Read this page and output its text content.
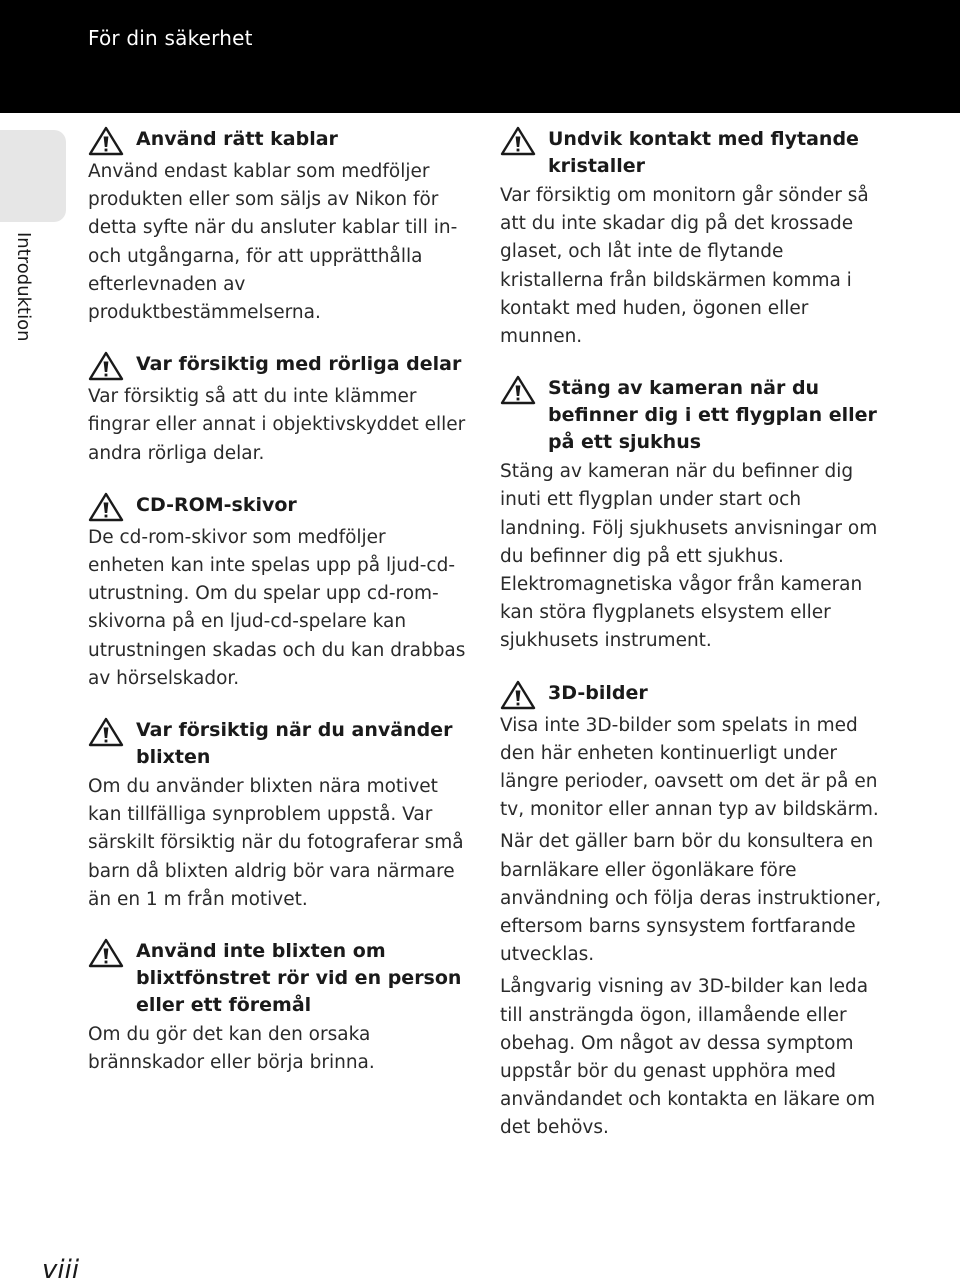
För din säkerhet
Introduktion
Använd rätt kablar

Använd endast kablar som medföljer produkten eller som säljs av Nikon för detta syfte när du ansluter kablar till in- och utgångarna, för att upprätthålla efterlevnaden av produktbestämmelserna.

Var försiktig med rörliga delar

Var försiktig så att du inte klämmer fingrar eller annat i objektivskyddet eller andra rörliga delar.

CD-ROM-skivor

De cd-rom-skivor som medföljer enheten kan inte spelas upp på ljud-cd-utrustning. Om du spelar upp cd-rom-skivorna på en ljud-cd-spelare kan utrustningen skadas och du kan drabbas av hörselskador.

Var försiktig när du använder blixten

Om du använder blixten nära motivet kan tillfälliga synproblem uppstå. Var särskilt försiktig när du fotograferar små barn då blixten aldrig bör vara närmare än en 1 m från motivet.

Använd inte blixten om blixtfönstret rör vid en person eller ett föremål

Om du gör det kan den orsaka brännskador eller börja brinna.

Undvik kontakt med flytande kristaller

Var försiktig om monitorn går sönder så att du inte skadar dig på det krossade glaset, och låt inte de flytande kristallerna från bildskärmen komma i kontakt med huden, ögonen eller munnen.

Stäng av kameran när du befinner dig i ett flygplan eller på ett sjukhus

Stäng av kameran när du befinner dig inuti ett flygplan under start och landning. Följ sjukhusets anvisningar om du befinner dig på ett sjukhus. Elektromagnetiska vågor från kameran kan störa flygplanets elsystem eller sjukhusets instrument.

3D-bilder

Visa inte 3D-bilder som spelats in med den här enheten kontinuerligt under längre perioder, oavsett om det är på en tv, monitor eller annan typ av bildskärm.

När det gäller barn bör du konsultera en barnläkare eller ögonläkare före användning och följa deras instruktioner, eftersom barns synsystem fortfarande utvecklas.

Långvarig visning av 3D-bilder kan leda till ansträngda ögon, illamående eller obehag. Om något av dessa symptom uppstår bör du genast upphöra med användandet och kontakta en läkare om det behövs.

viii
